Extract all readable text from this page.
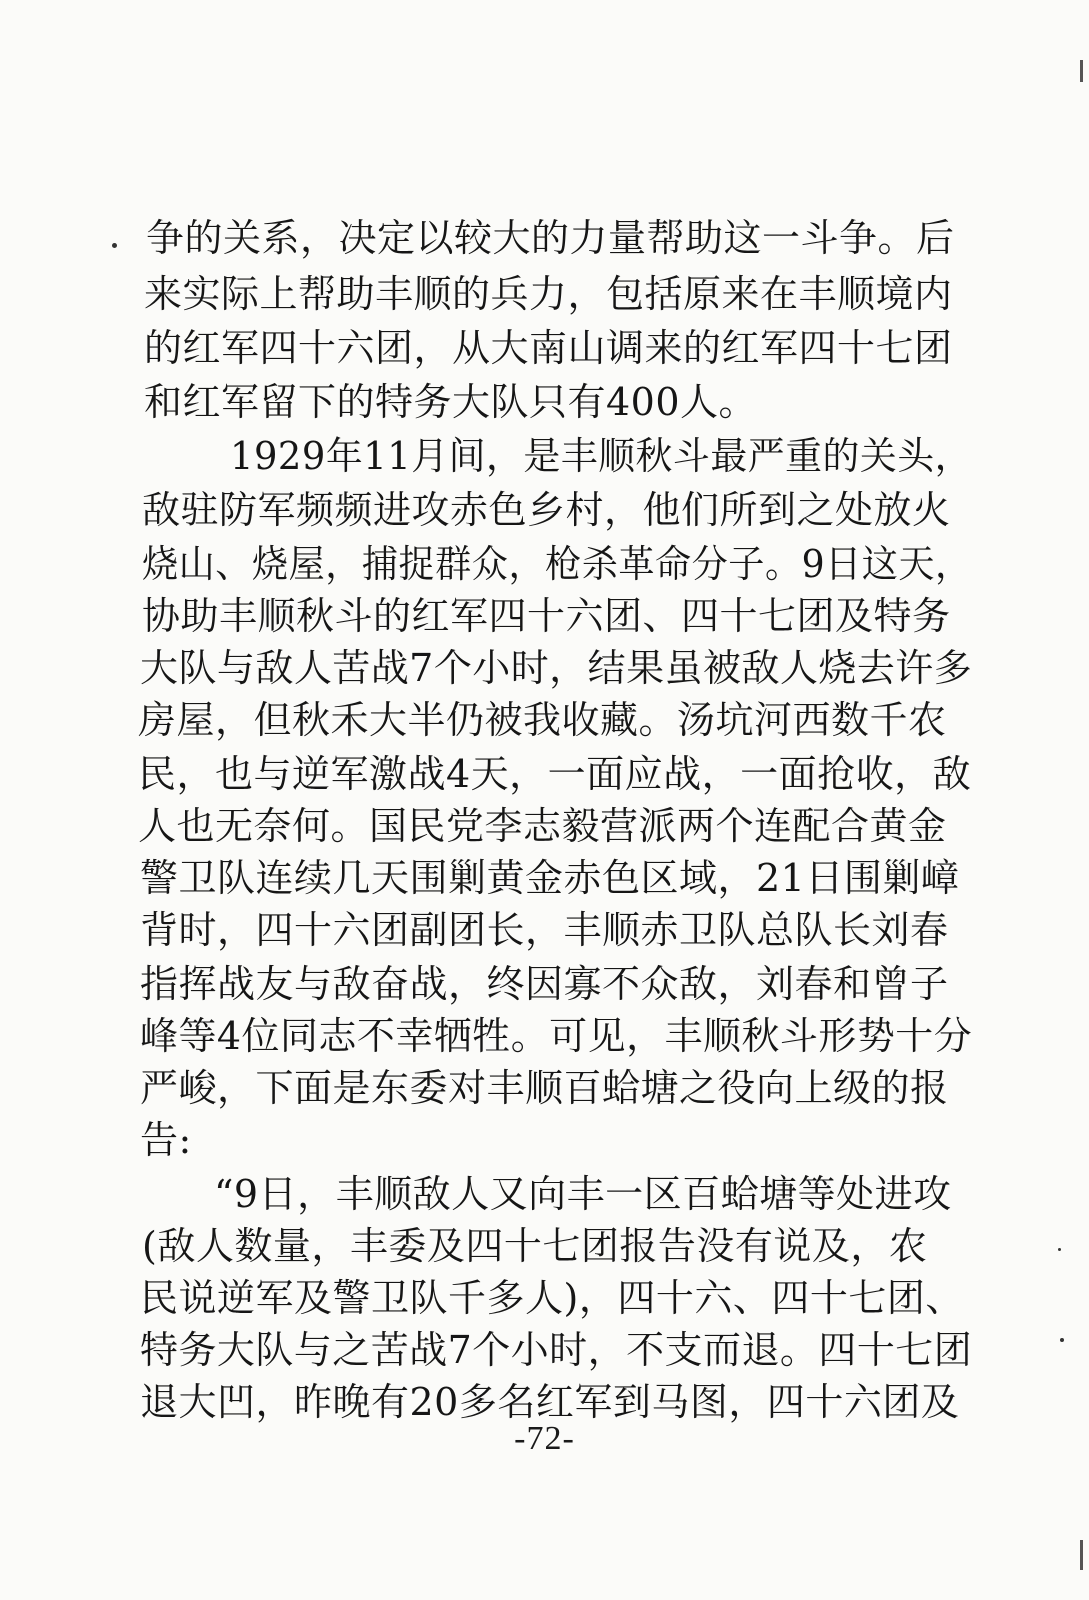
争的关系，决定以较大的力量帮助这一斗争。后
来实际上帮助丰顺的兵力，包括原来在丰顺境内
的红军四十六团，从大南山调来的红军四十七团
和红军留下的特务大队只有400人。
1929年11月间，是丰顺秋斗最严重的关头，
敌驻防军频频进攻赤色乡村，他们所到之处放火
烧山、烧屋，捕捉群众，枪杀革命分子。9日这天，
协助丰顺秋斗的红军四十六团、四十七团及特务
大队与敌人苦战7个小时，结果虽被敌人烧去许多
房屋，但秋禾大半仍被我收藏。汤坑河西数千农
民，也与逆军激战4天，一面应战，一面抢收，敌
人也无奈何。国民党李志毅营派两个连配合黄金
警卫队连续几天围剿黄金赤色区域，21日围剿嶂
背时，四十六团副团长，丰顺赤卫队总队长刘春
指挥战友与敌奋战，终因寡不众敌，刘春和曾子
峰等4位同志不幸牺牲。可见，丰顺秋斗形势十分
严峻，下面是东委对丰顺百蛤塘之役向上级的报
告:
“9日，丰顺敌人又向丰一区百蛤塘等处进攻
(敌人数量，丰委及四十七团报告没有说及，农
民说逆军及警卫队千多人)，四十六、四十七团、
特务大队与之苦战7个小时，不支而退。四十七团
退大凹，昨晚有20多名红军到马图，四十六团及
-72-
